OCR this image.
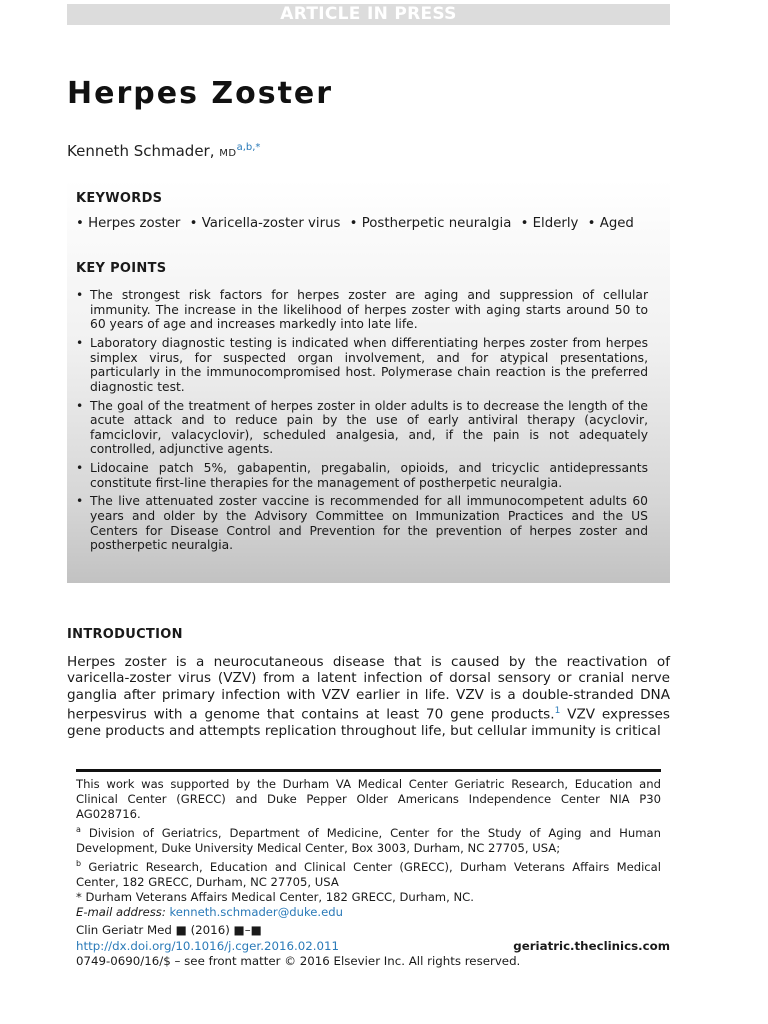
ARTICLE IN PRESS
Herpes Zoster
Kenneth Schmader, $MD^{a,b,*}$
KEYWORDS
• Herpes zoster • Varicella-zoster virus • Postherpetic neuralgia • Elderly • Aged
KEY POINTS
• The strongest risk factors for herpes zoster are aging and suppression of cellular immunity. The increase in the likelihood of herpes zoster with aging starts around 50 to 60 years of age and increases markedly into late life.
• Laboratory diagnostic testing is indicated when differentiating herpes zoster from herpes simplex virus, for suspected organ involvement, and for atypical presentations, particularly in the immunocompromised host. Polymerase chain reaction is the preferred diagnostic test.
• The goal of the treatment of herpes zoster in older adults is to decrease the length of the acute attack and to reduce pain by the use of early antiviral therapy (acyclovir, famciclovir, valacyclovir), scheduled analgesia, and, if the pain is not adequately controlled, adjunctive agents.
• Lidocaine patch 5%, gabapentin, pregabalin, opioids, and tricyclic antidepressants constitute first-line therapies for the management of postherpetic neuralgia.
• The live attenuated zoster vaccine is recommended for all immunocompetent adults 60 years and older by the Advisory Committee on Immunization Practices and the US Centers for Disease Control and Prevention for the prevention of herpes zoster and postherpetic neuralgia.
INTRODUCTION

Herpes zoster is a neurocutaneous disease that is caused by the reactivation of varicella-zoster virus (VZV) from a latent infection of dorsal sensory or cranial nerve ganglia after primary infection with VZV earlier in life. VZV is a double-stranded DNA herpesvirus with a genome that contains at least 70 gene products.$^1$ VZV expresses gene products and attempts replication throughout life, but cellular immunity is critical

This work was supported by the Durham VA Medical Center Geriatric Research, Education and Clinical Center (GRECC) and Duke Pepper Older Americans Independence Center NIA P30 AG028716.

$^a$ Division of Geriatrics, Department of Medicine, Center for the Study of Aging and Human Development, Duke University Medical Center, Box 3003, Durham, NC 27705, USA;

$^b$ Geriatric Research, Education and Clinical Center (GRECC), Durham Veterans Affairs Medical Center, 182 GRECC, Durham, NC 27705, USA

* Durham Veterans Affairs Medical Center, 182 GRECC, Durham, NC.

E-mail address: kenneth.schmader@duke.edu

Clin Geriatr Med ■ (2016) ■–■
http://dx.doi.org/10.1016/j.cger.2016.02.011	geriatric.theclinics.com
0749-0690/16/$ – see front matter © 2016 Elsevier Inc. All rights reserved.
